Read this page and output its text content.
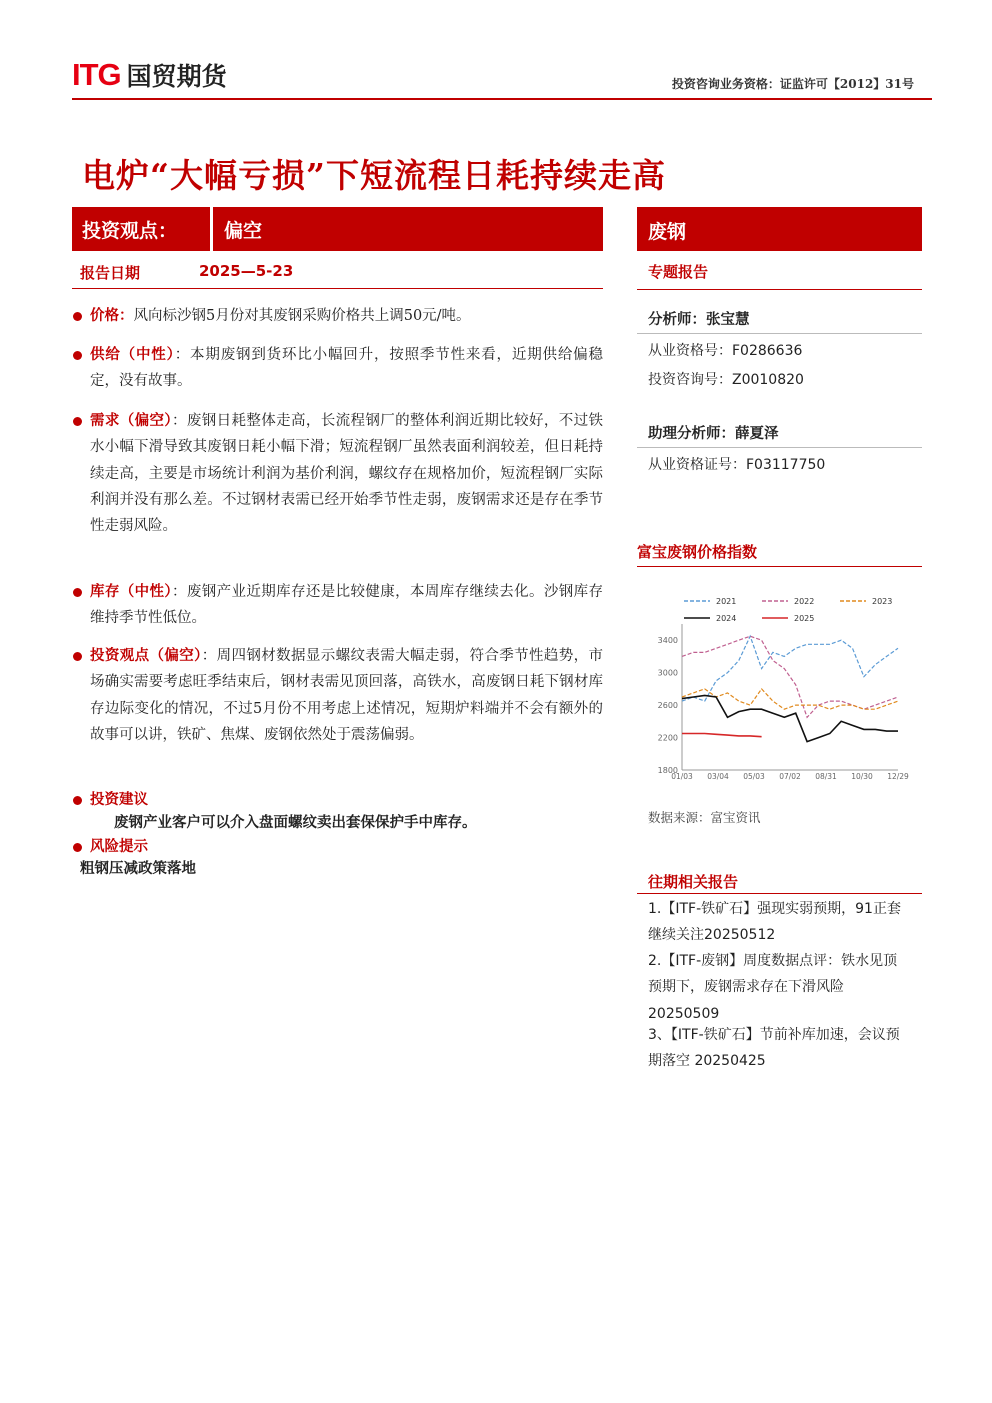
ITG 国贸期货	投资咨询业务资格：证监许可【2012】31号
电炉“大幅亏损”下短流程日耗持续走高
投资观点： 偏空
报告日期	2025—5-23
价格：风向标沙钢5月份对其废钢采购价格共上调50元/吨。
供给（中性）：本期废钢到货环比小幅回升，按照季节性来看，近期供给偏稳定，没有故事。
需求（偏空）：废钢日耗整体走高，长流程钢厂的整体利润近期比较好，不过铁水小幅下滑导致其废钢日耗小幅下滑；短流程钢厂虽然表面利润较差，但日耗持续走高，主要是市场统计利润为基价利润，螺纹存在规格加价，短流程钢厂实际利润并没有那么差。不过钢材表需已经开始季节性走弱，废钢需求还是存在季节性走弱风险。
库存（中性）：废钢产业近期库存还是比较健康，本周库存继续去化。沙钢库存维持季节性低位。
投资观点（偏空）：周四钢材数据显示螺纹表需大幅走弱，符合季节性趋势，市场确实需要考虑旺季结束后，钢材表需见顶回落，高铁水，高废钢日耗下钢材库存边际变化的情况，不过5月份不用考虑上述情况，短期炉料端并不会有额外的故事可以讲，铁矿、焦煤、废钢依然处于震荡偏弱。
投资建议
废钢产业客户可以介入盘面螺纹卖出套保保护手中库存。
风险提示
粗钢压减政策落地
废钢
专题报告
分析师：张宝慧
从业资格号：F0286636
投资咨询号：Z0010820
助理分析师：薛夏泽
从业资格证号：F03117750
富宝废钢价格指数
1800
2200
2600
3000
3400
01/03 03/04 05/03 07/02 08/31 10/30 12/29
2021	2022	2023
2024	2025
数据来源：富宝资讯
往期相关报告
1.【ITF-铁矿石】强现实弱预期，91正套继续关注20250512
2.【ITF-废钢】周度数据点评：铁水见顶预期下，废钢需求存在下滑风险20250509
3、【ITF-铁矿石】节前补库加速，会议预期落空 20250425
